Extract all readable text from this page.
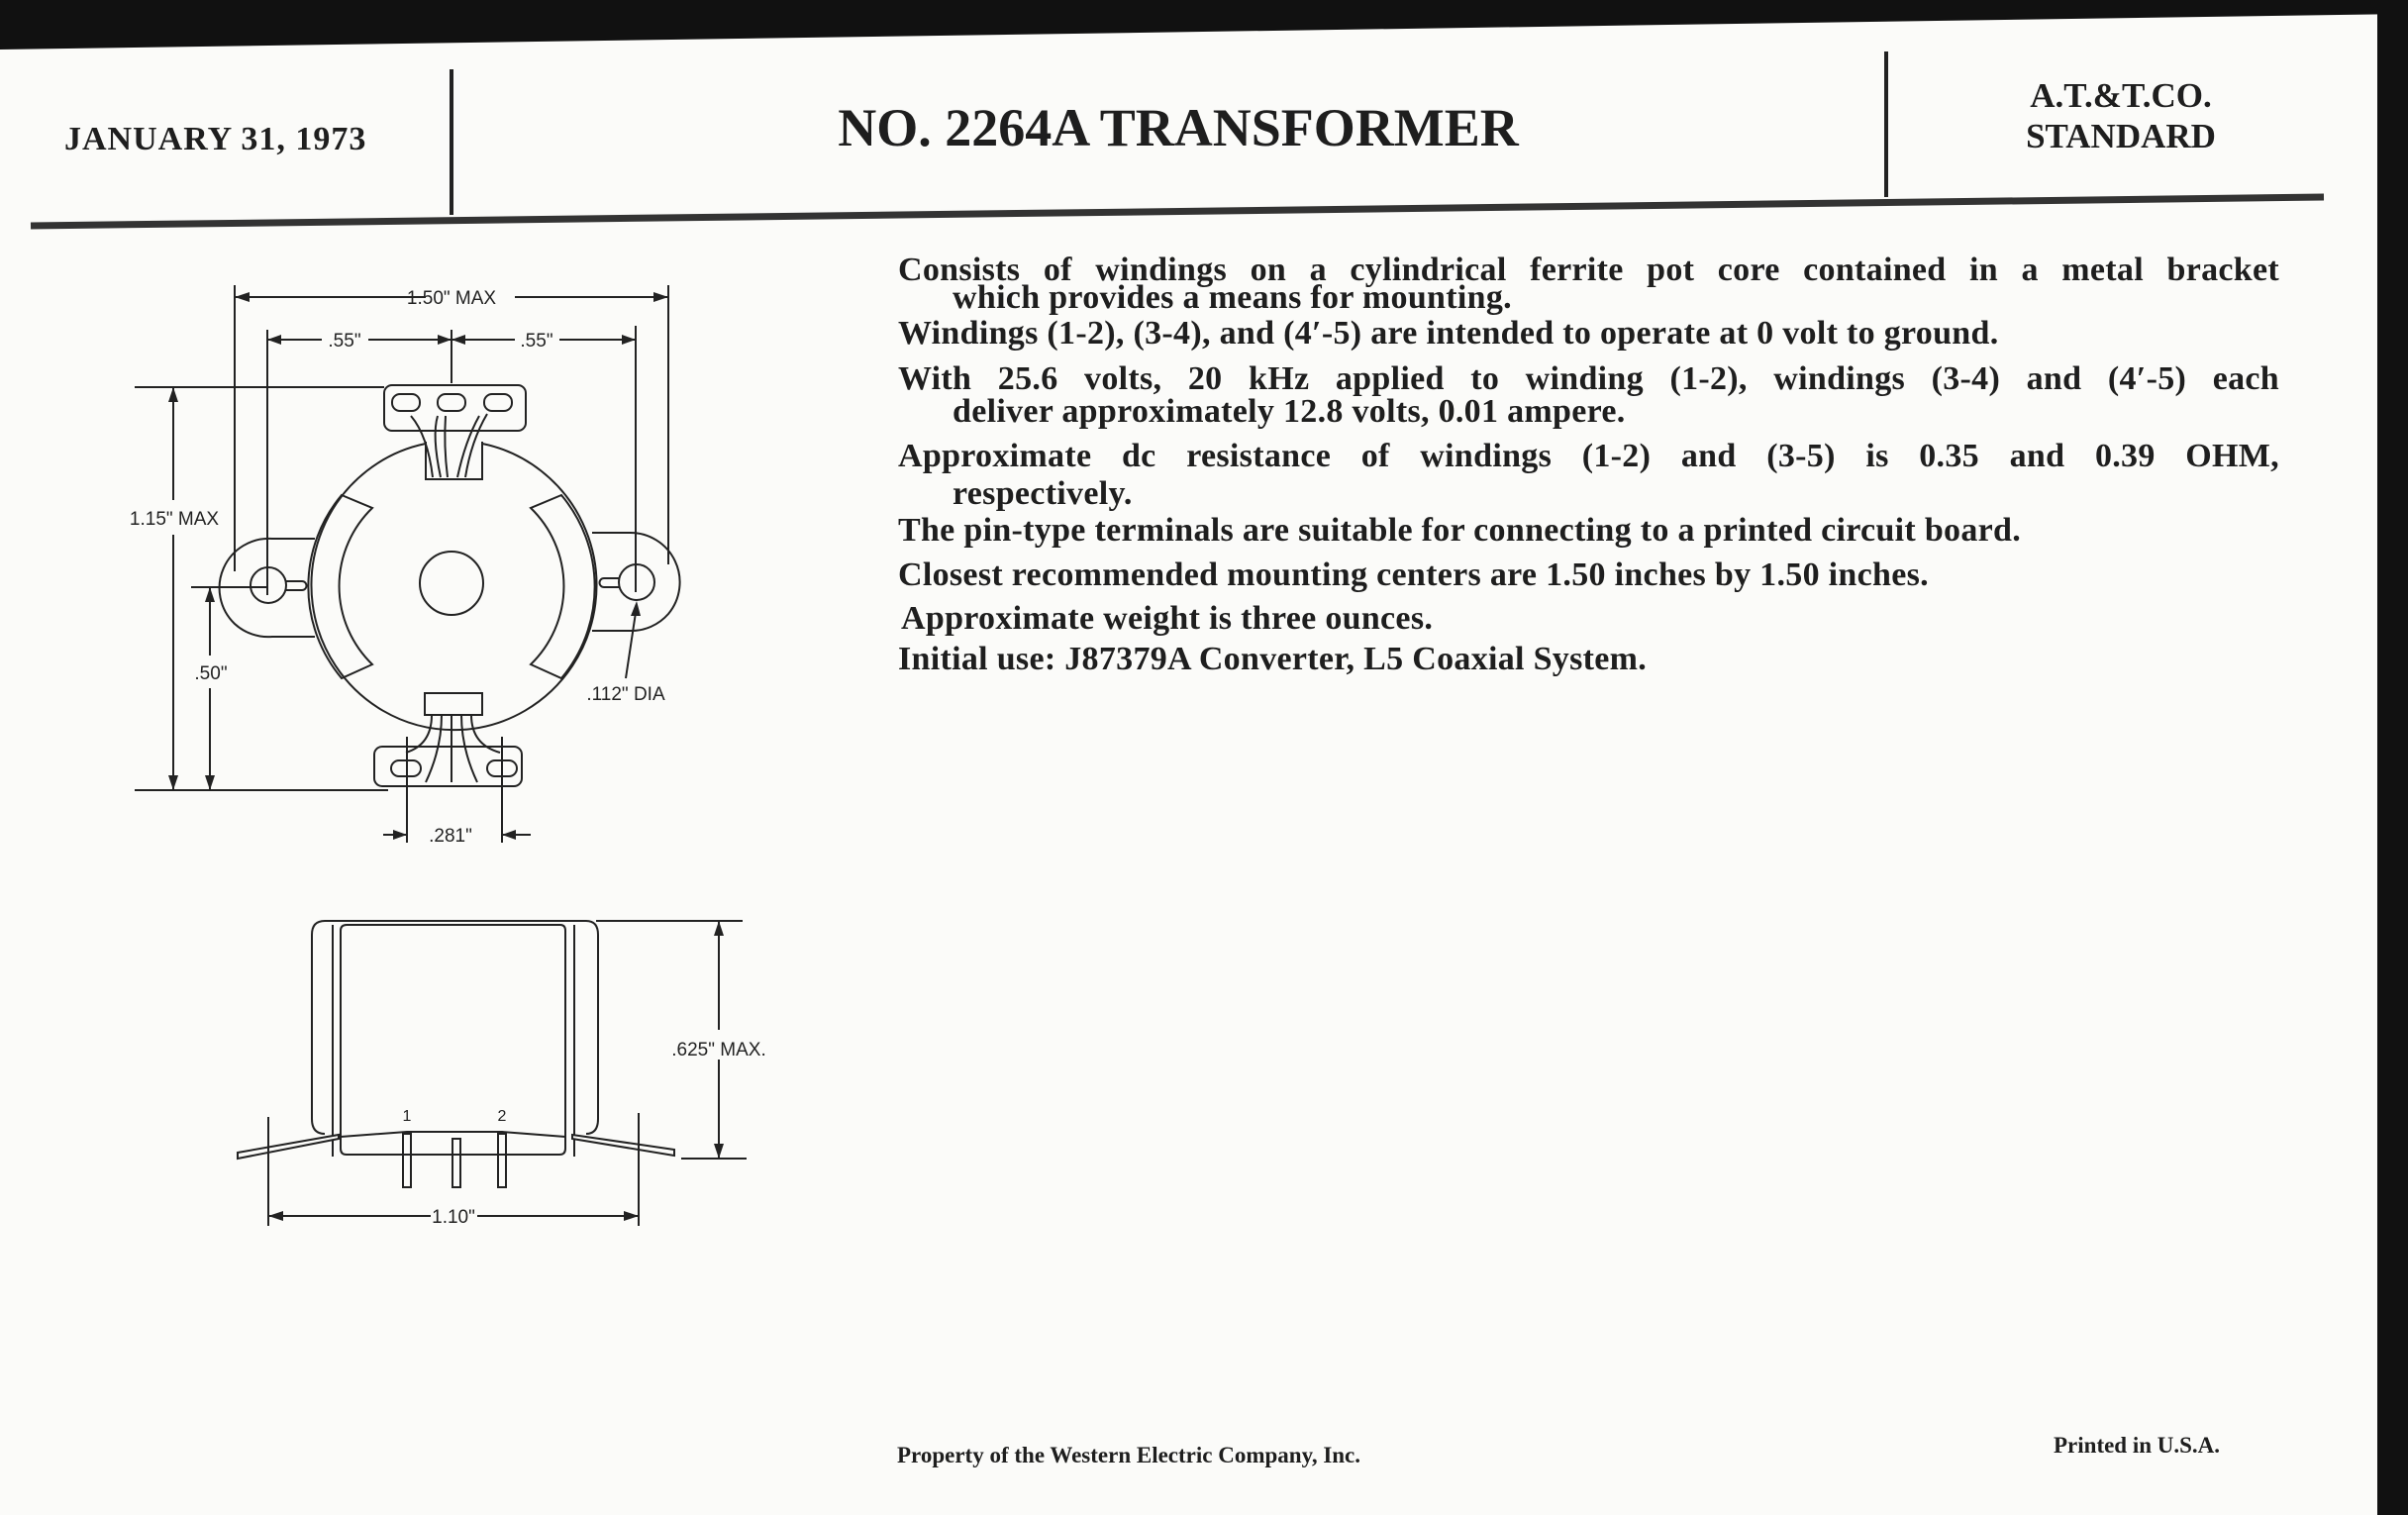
1.50" MAX
.55"	.55"
1.15" MAX
.50"
.112" DIA
.281"
.625" MAX.
1.10"
1	2
JANUARY 31, 1973	NO. 2264A TRANSFORMER
A.T.&T.CO.
STANDARD
Consists of windings on a cylindrical ferrite pot core contained in a metal bracket
which provides a means for mounting.
Windings (1-2), (3-4), and (4′-5) are intended to operate at 0 volt to ground.
With 25.6 volts, 20 kHz applied to winding (1-2), windings (3-4) and (4′-5) each
deliver approximately 12.8 volts, 0.01 ampere.
Approximate dc resistance of windings (1-2) and (3-5) is 0.35 and 0.39 OHM,
respectively.
The pin-type terminals are suitable for connecting to a printed circuit board.
Closest recommended mounting centers are 1.50 inches by 1.50 inches.
Approximate weight is three ounces.
Initial use: J87379A Converter, L5 Coaxial System.
Property of the Western Electric Company, Inc.	Printed in U.S.A.
